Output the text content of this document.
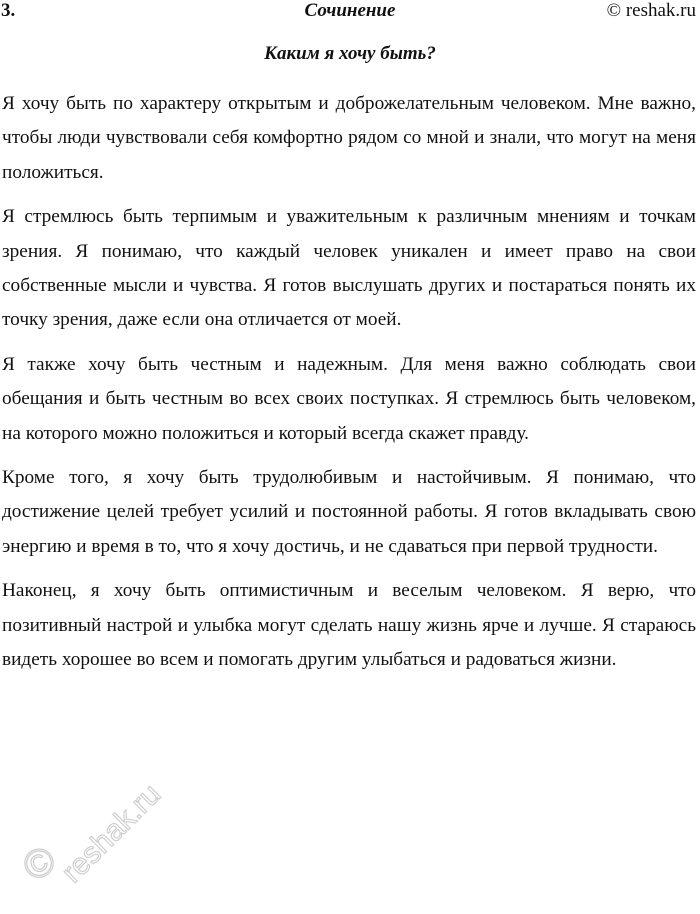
3.	Сочинение	© reshak.ru
Каким я хочу быть?

Я хочу быть по характеру открытым и доброжелательным человеком. Мне важно, чтобы люди чувствовали себя комфортно рядом со мной и знали, что могут на меня положиться.

Я стремлюсь быть терпимым и уважительным к различным мнениям и точкам зрения. Я понимаю, что каждый человек уникален и имеет право на свои собственные мысли и чувства. Я готов выслушать других и постараться понять их точку зрения, даже если она отличается от моей.

Я также хочу быть честным и надежным. Для меня важно соблюдать свои обещания и быть честным во всех своих поступках. Я стремлюсь быть человеком, на которого можно положиться и который всегда скажет правду.

Кроме того, я хочу быть трудолюбивым и настойчивым. Я понимаю, что достижение целей требует усилий и постоянной работы. Я готов вкладывать свою энергию и время в то, что я хочу достичь, и не сдаваться при первой трудности.

Наконец, я хочу быть оптимистичным и веселым человеком. Я верю, что позитивный настрой и улыбка могут сделать нашу жизнь ярче и лучше. Я стараюсь видеть хорошее во всем и помогать другим улыбаться и радоваться жизни.

©
reshak.ru
